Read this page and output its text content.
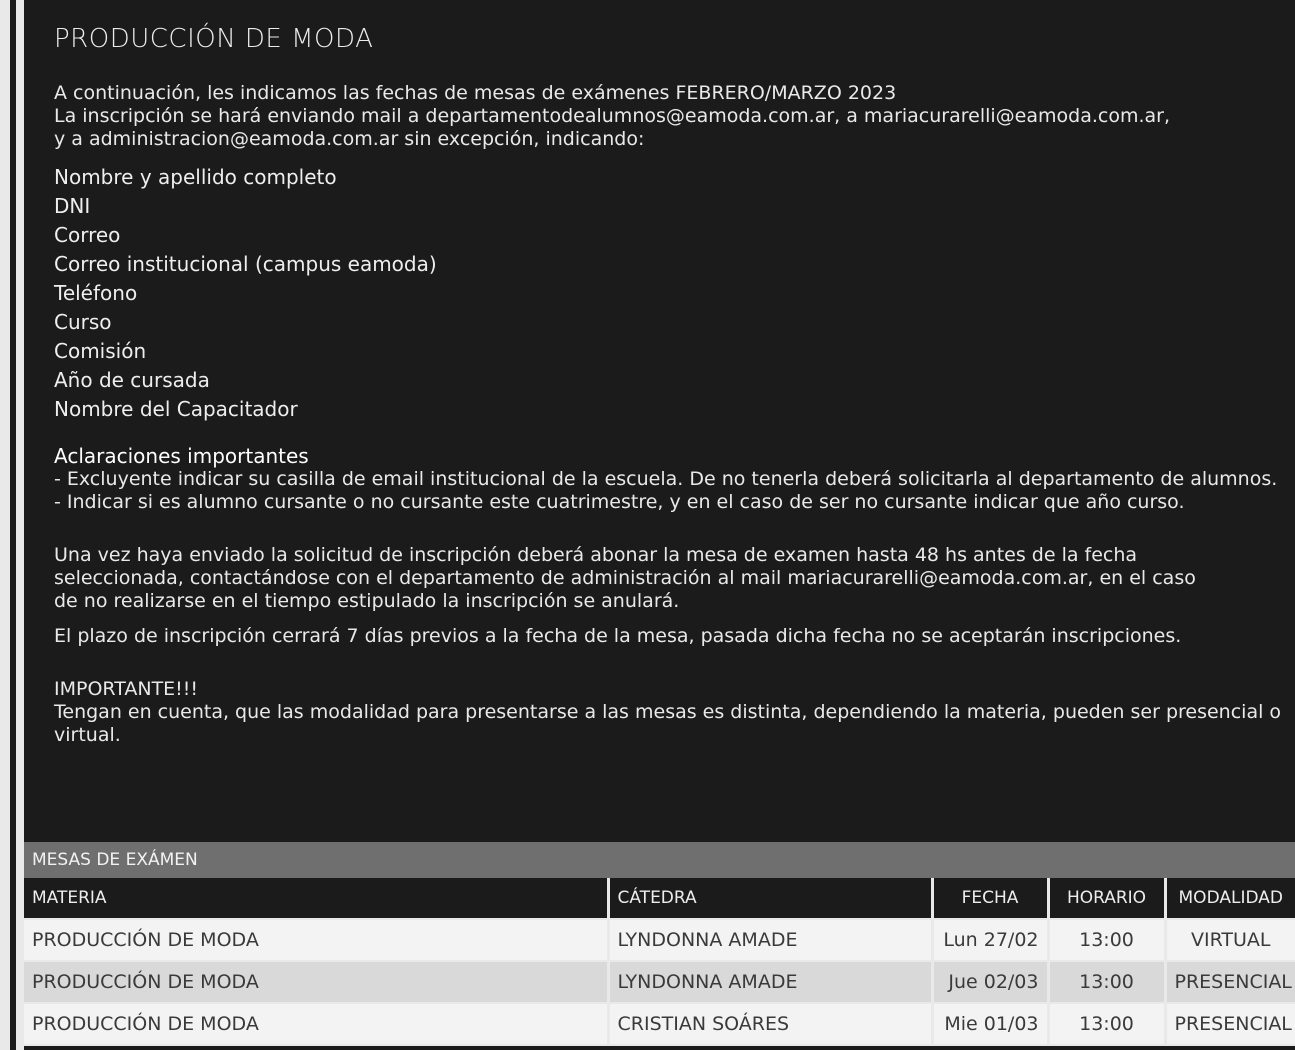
PRODUCCIÓN DE MODA
A continuación, les indicamos las fechas de mesas de exámenes FEBRERO/MARZO 2023
La inscripción se hará enviando mail a departamentodealumnos@eamoda.com.ar, a mariacurarelli@eamoda.com.ar,
y a administracion@eamoda.com.ar sin excepción, indicando:
Nombre y apellido completo
DNI
Correo
Correo institucional (campus eamoda)
Teléfono
Curso
Comisión
Año de cursada
Nombre del Capacitador
Aclaraciones importantes
- Excluyente indicar su casilla de email institucional de la escuela. De no tenerla deberá solicitarla al departamento de alumnos.
- Indicar si es alumno cursante o no cursante este cuatrimestre, y en el caso de ser no cursante indicar que año curso.
Una vez haya enviado la solicitud de inscripción deberá abonar la mesa de examen hasta 48 hs antes de la fecha
seleccionada, contactándose con el departamento de administración al mail mariacurarelli@eamoda.com.ar, en el caso
de no realizarse en el tiempo estipulado la inscripción se anulará.
El plazo de inscripción cerrará 7 días previos a la fecha de la mesa, pasada dicha fecha no se aceptarán inscripciones.
IMPORTANTE!!!
Tengan en cuenta, que las modalidad para presentarse a las mesas es distinta, dependiendo la materia, pueden ser presencial o virtual.
MESAS DE EXÁMEN
MATERIA	CÁTEDRA	FECHA	HORARIO	MODALIDAD
PRODUCCIÓN DE MODA	LYNDONNA AMADE	Lun 27/02	13:00	VIRTUAL
PRODUCCIÓN DE MODA	LYNDONNA AMADE	Jue 02/03	13:00	PRESENCIAL
PRODUCCIÓN DE MODA	CRISTIAN SOÁRES	Mie 01/03	13:00	PRESENCIAL
